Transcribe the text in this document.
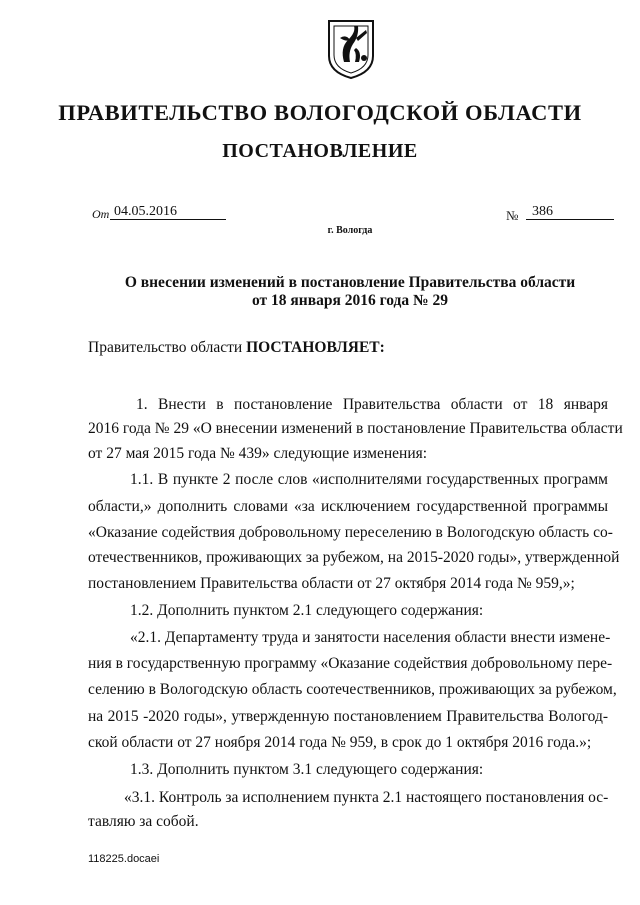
ПРАВИТЕЛЬСТВО ВОЛОГОДСКОЙ ОБЛАСТИ
ПОСТАНОВЛЕНИЕ
От 04.05.2016	№ 386
г. Вологда
О внесении изменений в постановление Правительства области
от 18 января 2016 года № 29
Правительство области ПОСТАНОВЛЯЕТ:
1. Внести в постановление Правительства области от 18 января
2016 года № 29 «О внесении изменений в постановление Правительства области
от 27 мая 2015 года № 439» следующие изменения:
1.1. В пункте 2 после слов «исполнителями государственных программ
области,» дополнить словами «за исключением государственной программы
«Оказание содействия добровольному переселению в Вологодскую область со-
отечественников, проживающих за рубежом, на 2015-2020 годы», утвержденной
постановлением Правительства области от 27 октября 2014 года № 959,»;
1.2. Дополнить пунктом 2.1 следующего содержания:
«2.1. Департаменту труда и занятости населения области внести измене-
ния в государственную программу «Оказание содействия добровольному пере-
селению в Вологодскую область соотечественников, проживающих за рубежом,
на 2015 -2020 годы», утвержденную постановлением Правительства Вологод-
ской области от 27 ноября 2014 года № 959, в срок до 1 октября 2016 года.»;
1.3. Дополнить пунктом 3.1 следующего содержания:
«3.1. Контроль за исполнением пункта 2.1 настоящего постановления ос-
тавляю за собой.
118225.docaei
